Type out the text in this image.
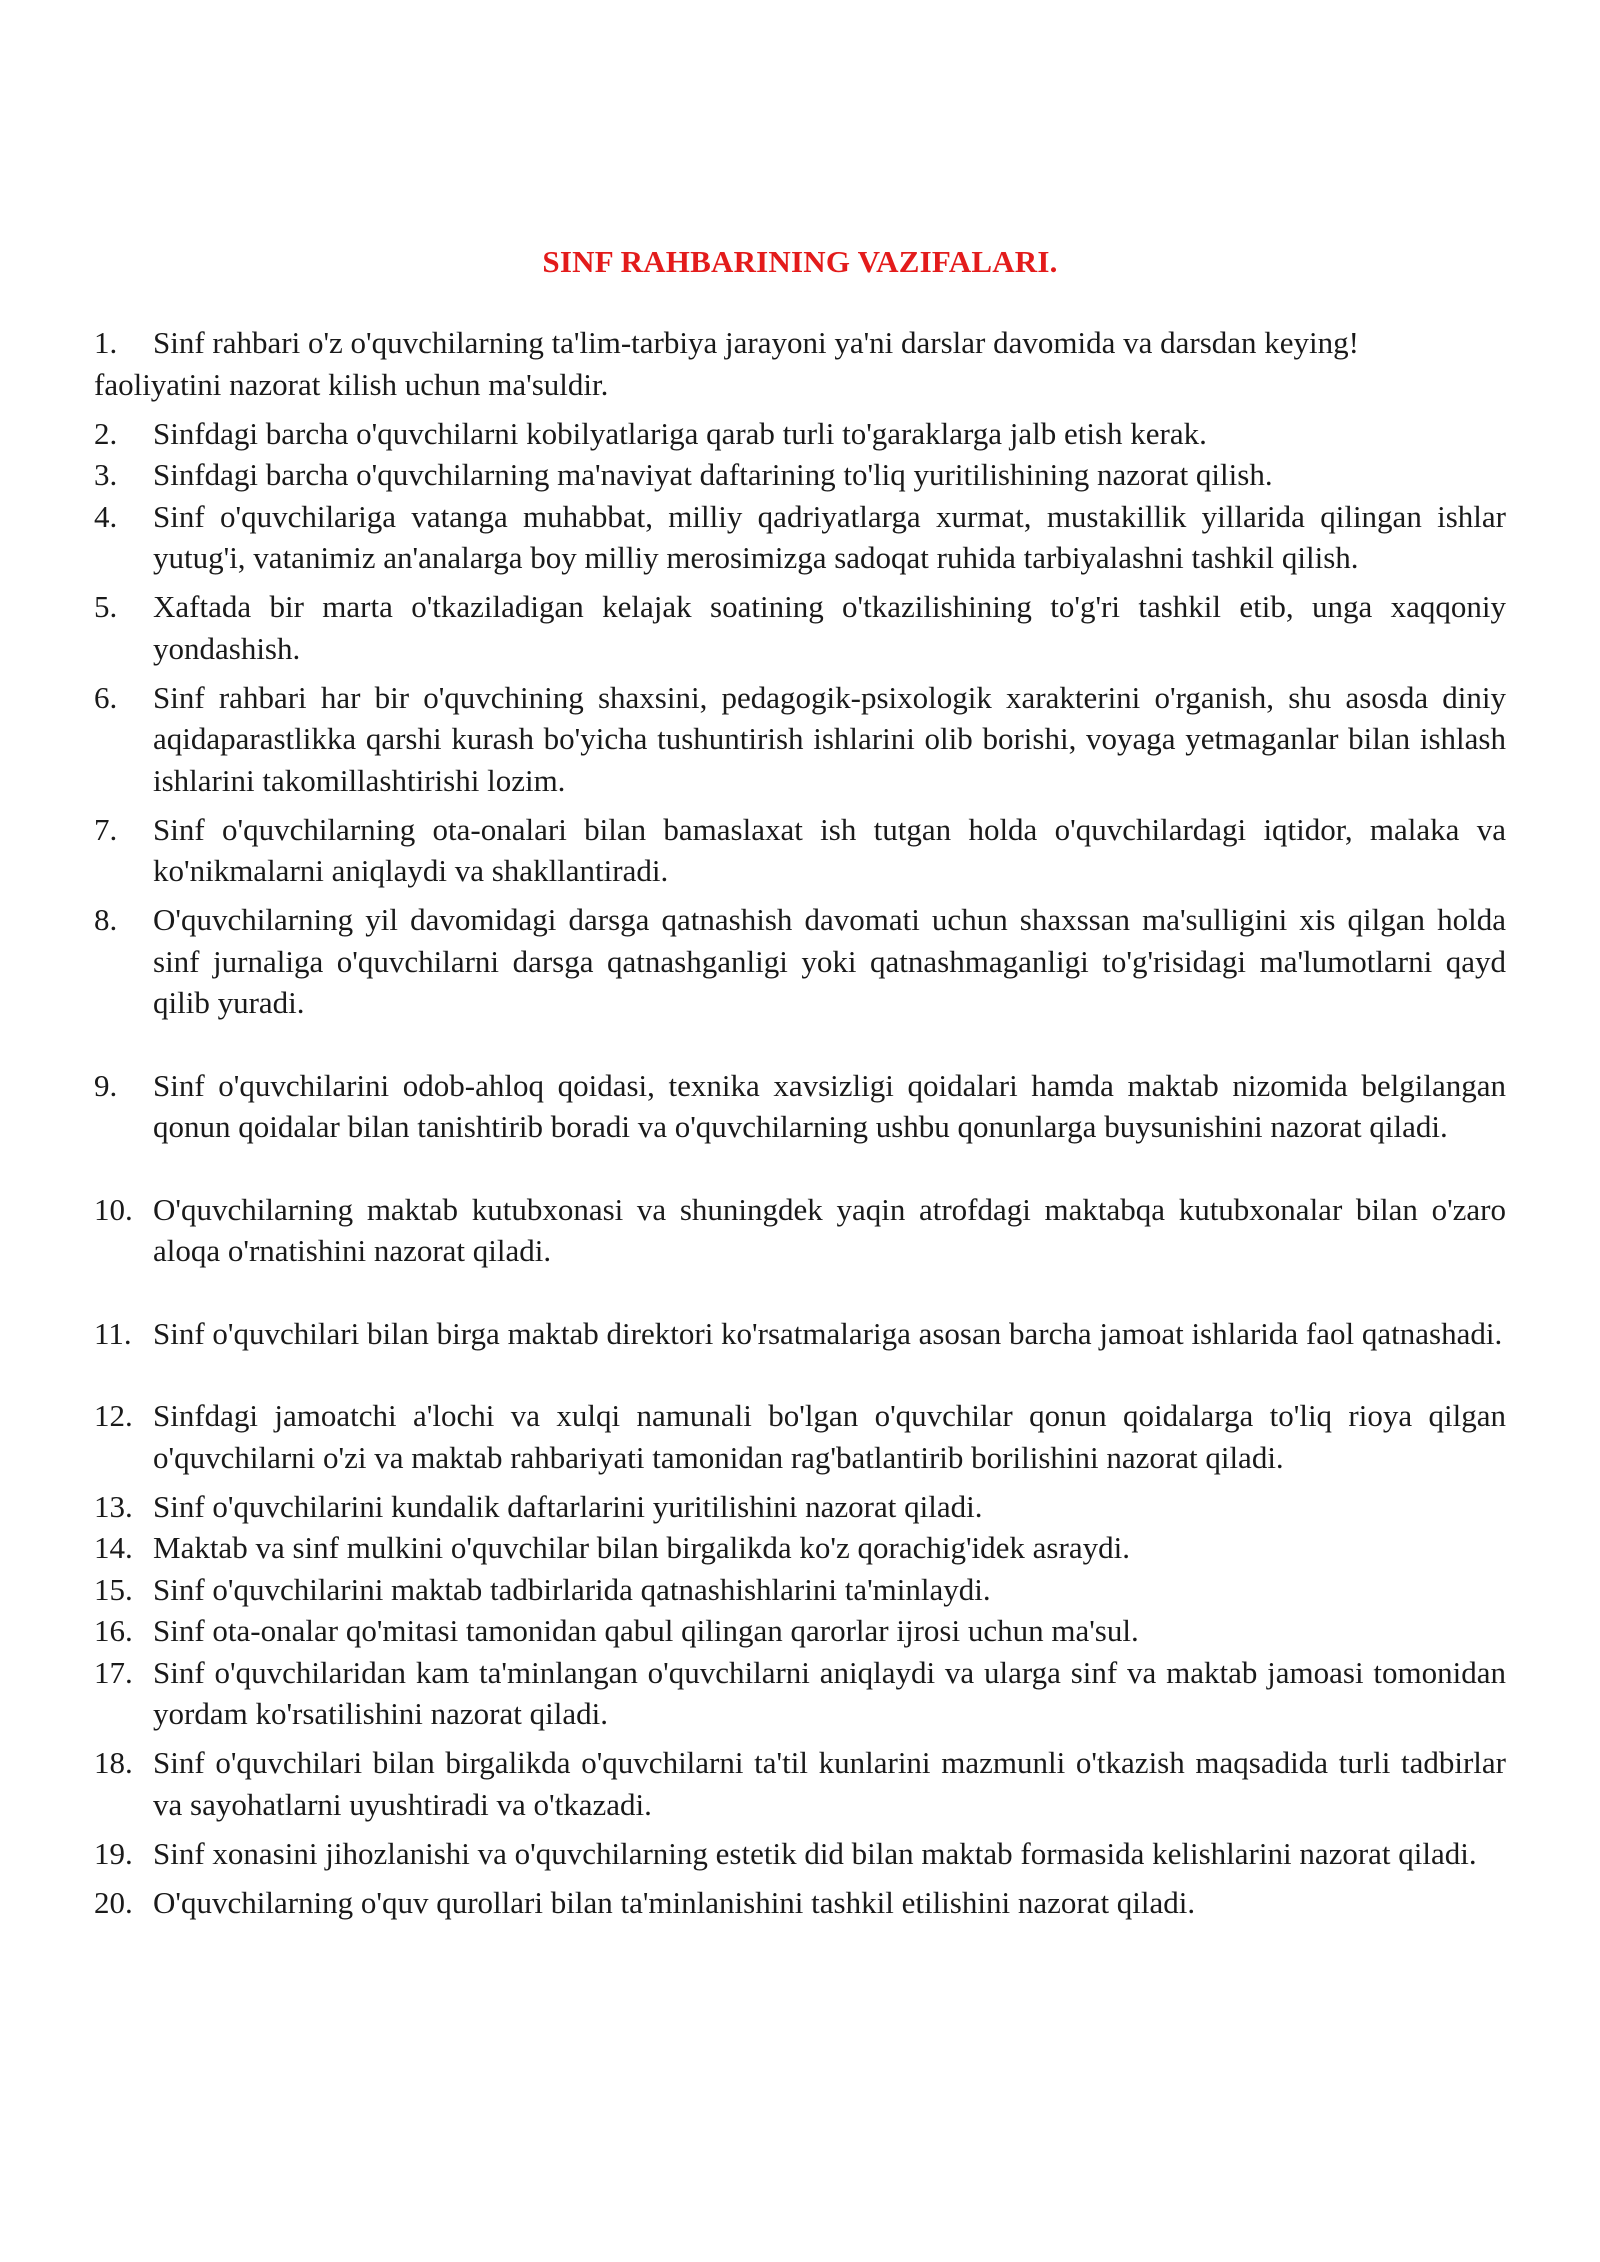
SINF RAHBARINING VAZIFALARI.
1. Sinf rahbari o'z o'quvchilarning ta'lim-tarbiya jarayoni ya'ni darslar davomida va darsdan keying!
faoliyatini nazorat kilish uchun ma'suldir.
2. Sinfdagi barcha o'quvchilarni kobilyatlariga qarab turli to'garaklarga jalb etish kerak.
3. Sinfdagi barcha o'quvchilarning ma'naviyat daftarining to'liq yuritilishining nazorat qilish.
4. Sinf o'quvchilariga vatanga muhabbat, milliy qadriyatlarga xurmat, mustakillik yillarida qilingan ishlar yutug'i, vatanimiz an'analarga boy milliy merosimizga sadoqat ruhida tarbiyalashni tashkil qilish.
5. Xaftada bir marta o'tkaziladigan kelajak soatining o'tkazilishining to'g'ri tashkil etib, unga xaqqoniy yondashish.
6. Sinf rahbari har bir o'quvchining shaxsini, pedagogik-psixologik xarakterini o'rganish, shu asosda diniy aqidaparastlikka qarshi kurash bo'yicha tushuntirish ishlarini olib borishi, voyaga yetmaganlar bilan ishlash ishlarini takomillashtirishi lozim.
7. Sinf o'quvchilarning ota-onalari bilan bamaslaxat ish tutgan holda o'quvchilardagi iqtidor, malaka va ko'nikmalarni aniqlaydi va shakllantiradi.
8. O'quvchilarning yil davomidagi darsga qatnashish davomati uchun shaxssan ma'sulligini xis qilgan holda sinf jurnaliga o'quvchilarni darsga qatnashganligi yoki qatnashmaganligi to'g'risidagi ma'lumotlarni qayd qilib yuradi.
9. Sinf o'quvchilarini odob-ahloq qoidasi, texnika xavsizligi qoidalari hamda maktab nizomida belgilangan qonun qoidalar bilan tanishtirib boradi va o'quvchilarning ushbu qonunlarga buysunishini nazorat qiladi.
10. O'quvchilarning maktab kutubxonasi va shuningdek yaqin atrofdagi maktabqa kutubxonalar bilan o'zaro aloqa o'rnatishini nazorat qiladi.
11. Sinf o'quvchilari bilan birga maktab direktori ko'rsatmalariga asosan barcha jamoat ishlarida faol qatnashadi.
12. Sinfdagi jamoatchi a'lochi va xulqi namunali bo'lgan o'quvchilar qonun qoidalarga to'liq rioya qilgan o'quvchilarni o'zi va maktab rahbariyati tamonidan rag'batlantirib borilishini nazorat qiladi.
13. Sinf o'quvchilarini kundalik daftarlarini yuritilishini nazorat qiladi.
14. Maktab va sinf mulkini o'quvchilar bilan birgalikda ko'z qorachig'idek asraydi.
15. Sinf o'quvchilarini maktab tadbirlarida qatnashishlarini ta'minlaydi.
16. Sinf ota-onalar qo'mitasi tamonidan qabul qilingan qarorlar ijrosi uchun ma'sul.
17. Sinf o'quvchilaridan kam ta'minlangan o'quvchilarni aniqlaydi va ularga sinf va maktab jamoasi tomonidan yordam ko'rsatilishini nazorat qiladi.
18. Sinf o'quvchilari bilan birgalikda o'quvchilarni ta'til kunlarini mazmunli o'tkazish maqsadida turli tadbirlar va sayohatlarni uyushtiradi va o'tkazadi.
19. Sinf xonasini jihozlanishi va o'quvchilarning estetik did bilan maktab formasida kelishlarini nazorat qiladi.
20. O'quvchilarning o'quv qurollari bilan ta'minlanishini tashkil etilishini nazorat qiladi.
